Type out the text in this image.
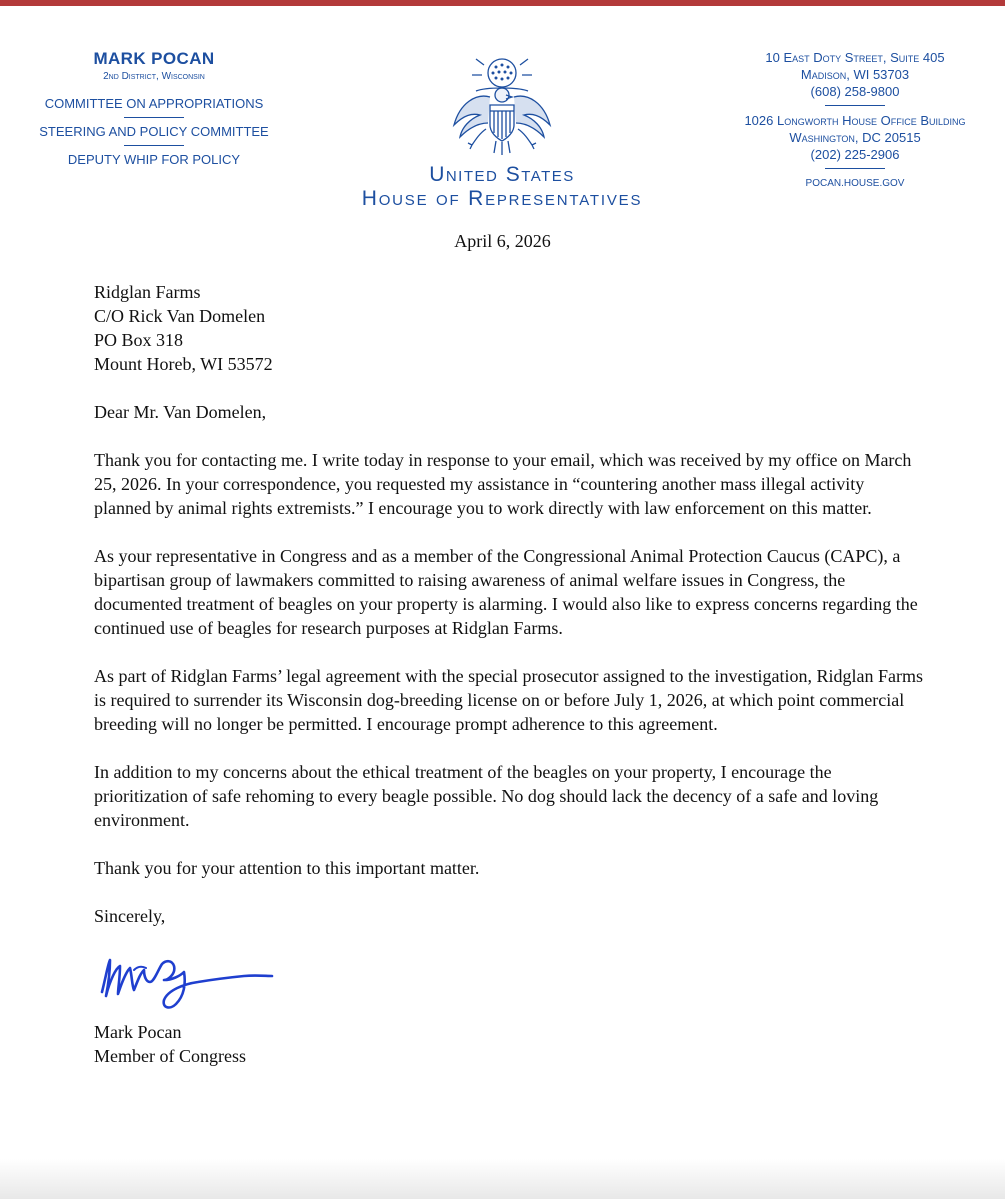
MARK POCAN
2nd District, Wisconsin
COMMITTEE ON APPROPRIATIONS
STEERING AND POLICY COMMITTEE
DEPUTY WHIP FOR POLICY
United States
House of Representatives
10 East Doty Street, Suite 405
Madison, WI 53703
(608) 258-9800
1026 Longworth House Office Building
Washington, DC 20515
(202) 225-2906
POCAN.HOUSE.GOV
April 6, 2026

Ridglan Farms

C/O Rick Van Domelen

PO Box 318

Mount Horeb, WI 53572

Dear Mr. Van Domelen,

Thank you for contacting me. I write today in response to your email, which was received by my office on March 25, 2026. In your correspondence, you requested my assistance in “countering another mass illegal activity planned by animal rights extremists.” I encourage you to work directly with law enforcement on this matter.

As your representative in Congress and as a member of the Congressional Animal Protection Caucus (CAPC), a bipartisan group of lawmakers committed to raising awareness of animal welfare issues in Congress, the documented treatment of beagles on your property is alarming. I would also like to express concerns regarding the continued use of beagles for research purposes at Ridglan Farms.

As part of Ridglan Farms’ legal agreement with the special prosecutor assigned to the investigation, Ridglan Farms is required to surrender its Wisconsin dog-breeding license on or before July 1, 2026, at which point commercial breeding will no longer be permitted. I encourage prompt adherence to this agreement.

In addition to my concerns about the ethical treatment of the beagles on your property, I encourage the prioritization of safe rehoming to every beagle possible. No dog should lack the decency of a safe and loving environment.

Thank you for your attention to this important matter.

Sincerely,

Mark Pocan

Member of Congress
